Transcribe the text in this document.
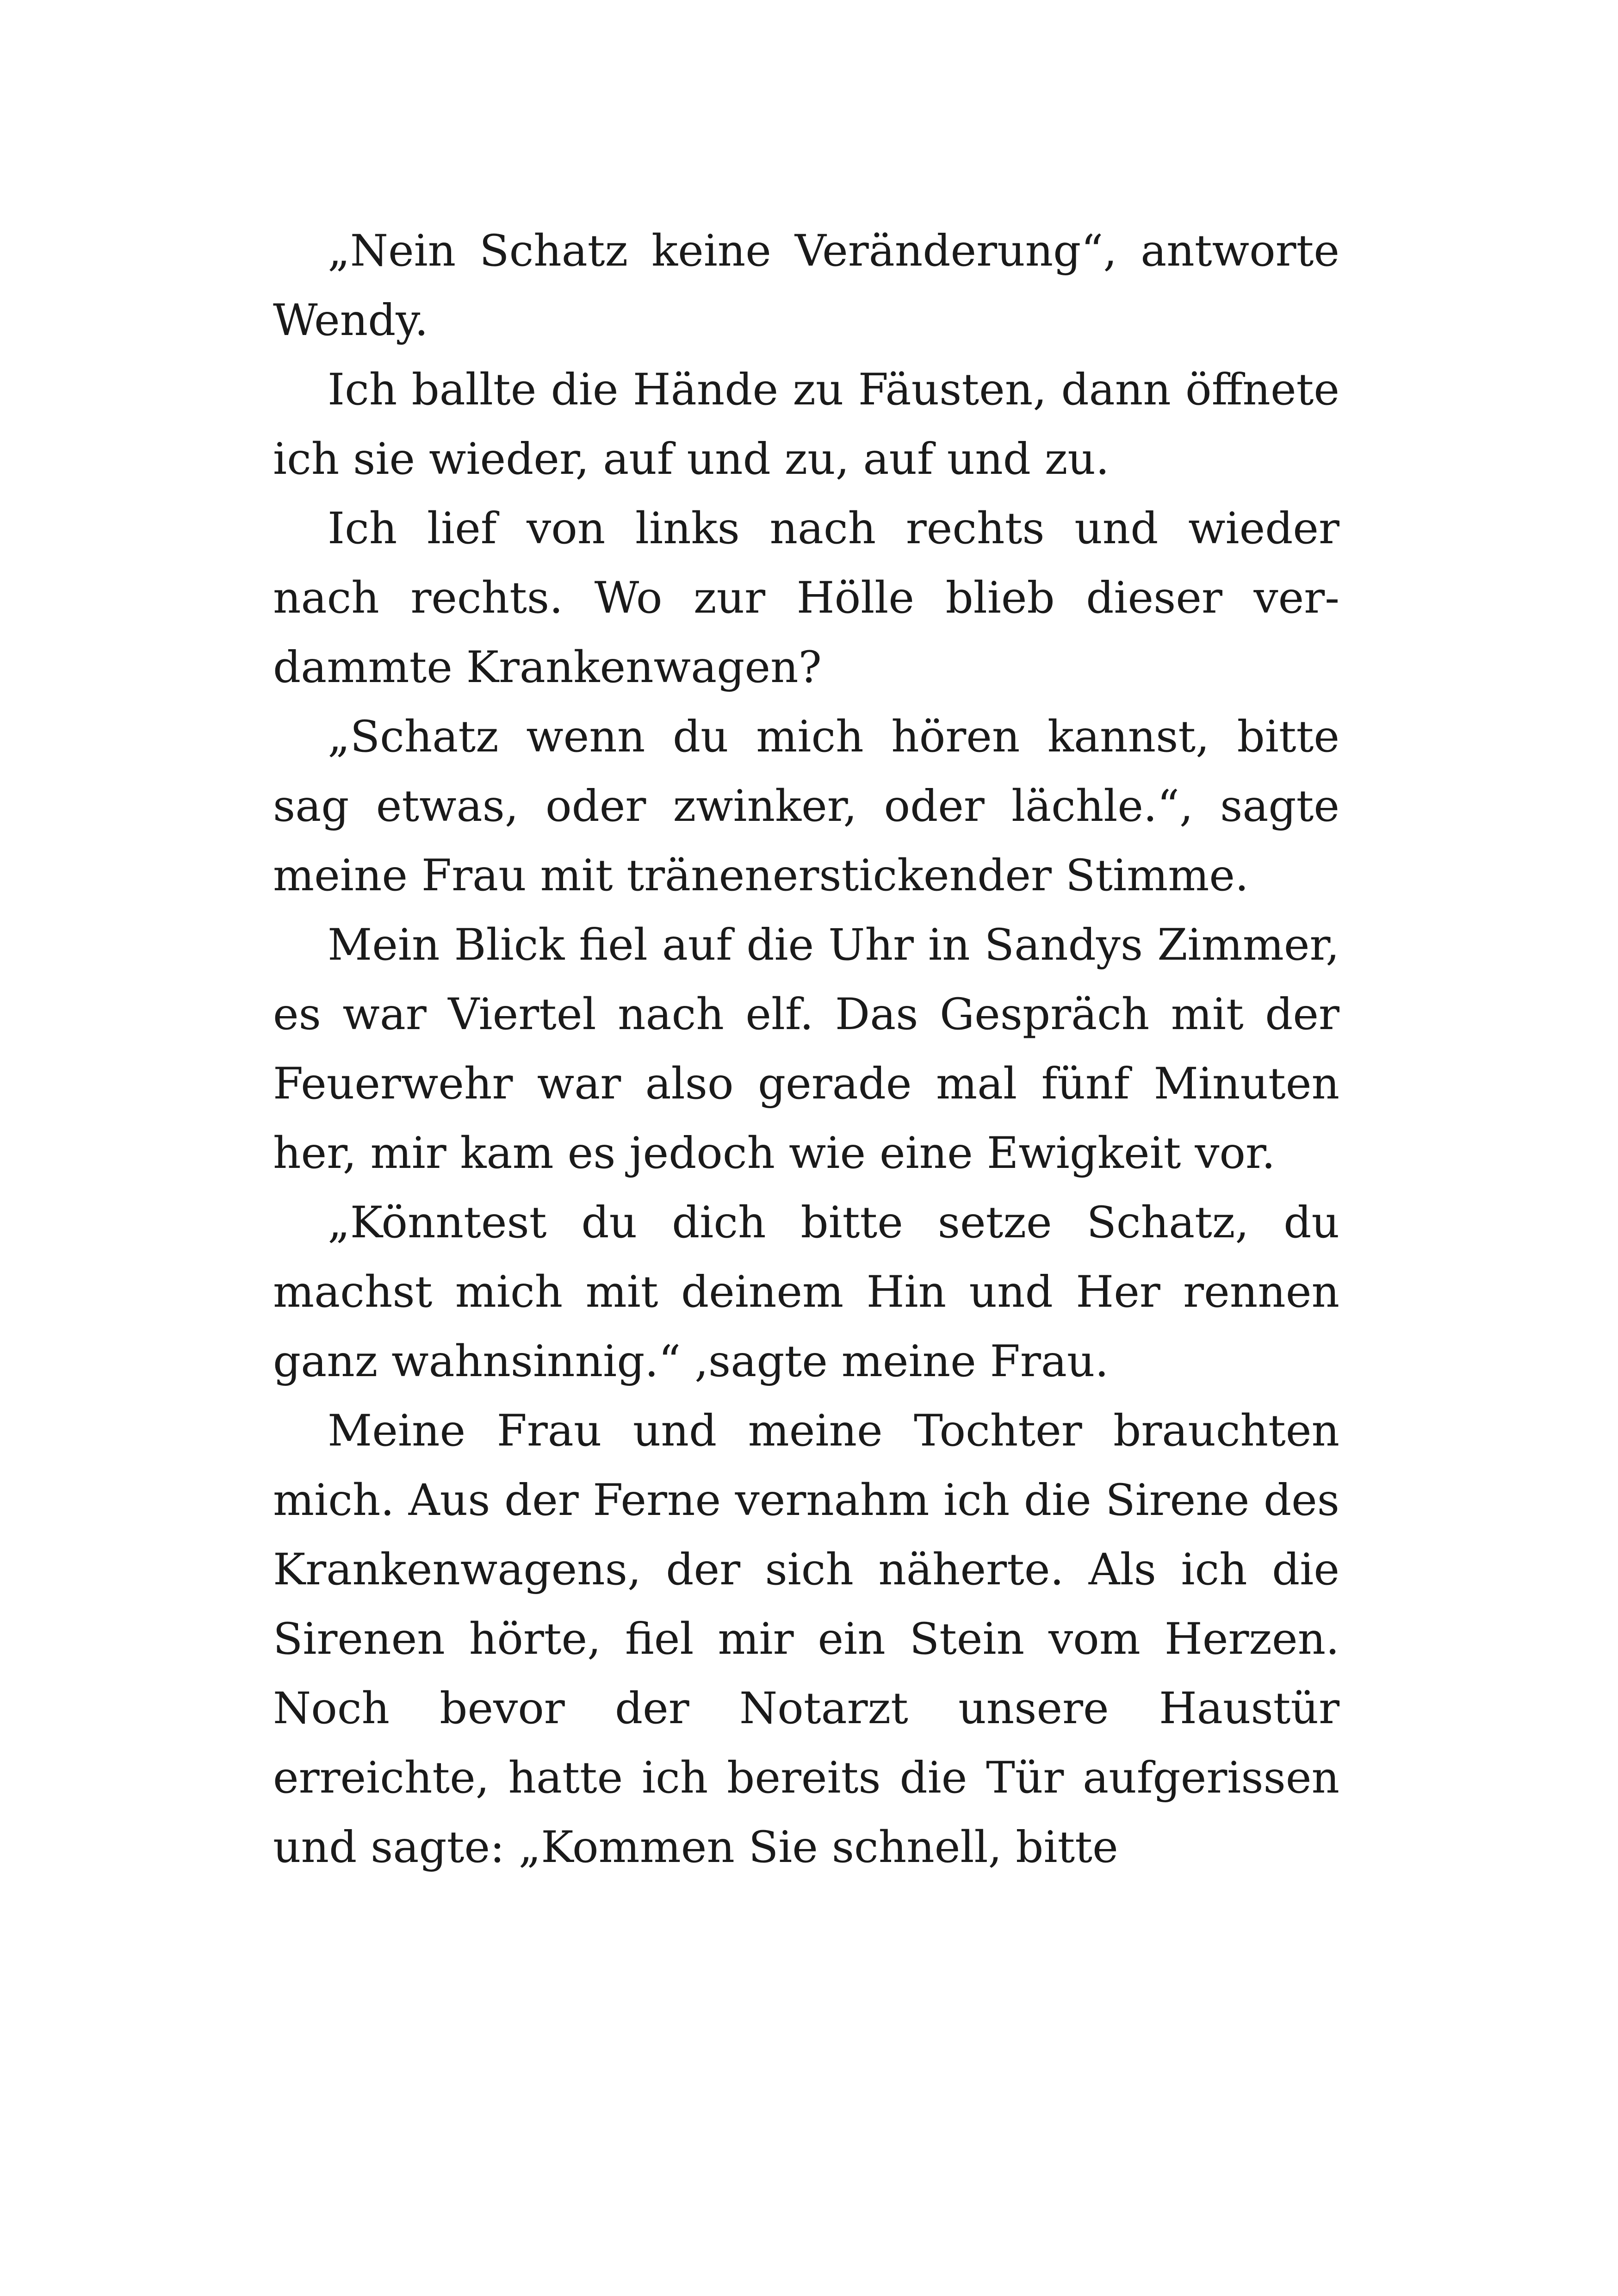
„Nein Schatz keine Veränderung“, antworte Wendy.

Ich ballte die Hände zu Fäusten, dann öffnete ich sie wieder, auf und zu, auf und zu.

Ich lief von links nach rechts und wieder nach rechts. Wo zur Hölle blieb dieser verdammte Krankenwagen?

„Schatz wenn du mich hören kannst, bitte sag etwas, oder zwinker, oder lächle.“, sagte meine Frau mit tränenerstickender Stimme.

Mein Blick fiel auf die Uhr in Sandys Zimmer, es war Viertel nach elf. Das Gespräch mit der Feuerwehr war also gerade mal fünf Minuten her, mir kam es jedoch wie eine Ewigkeit vor.

„Könntest du dich bitte setze Schatz, du machst mich mit deinem Hin und Her rennen ganz wahnsinnig.“ ,sagte meine Frau.

Meine Frau und meine Tochter brauchten mich. Aus der Ferne vernahm ich die Sirene des Krankenwagens, der sich näherte. Als ich die Sirenen hörte, fiel mir ein Stein vom Herzen. Noch bevor der Notarzt unsere Haustür erreichte, hatte ich bereits die Tür aufgerissen und sagte: „Kommen Sie schnell, bitte
